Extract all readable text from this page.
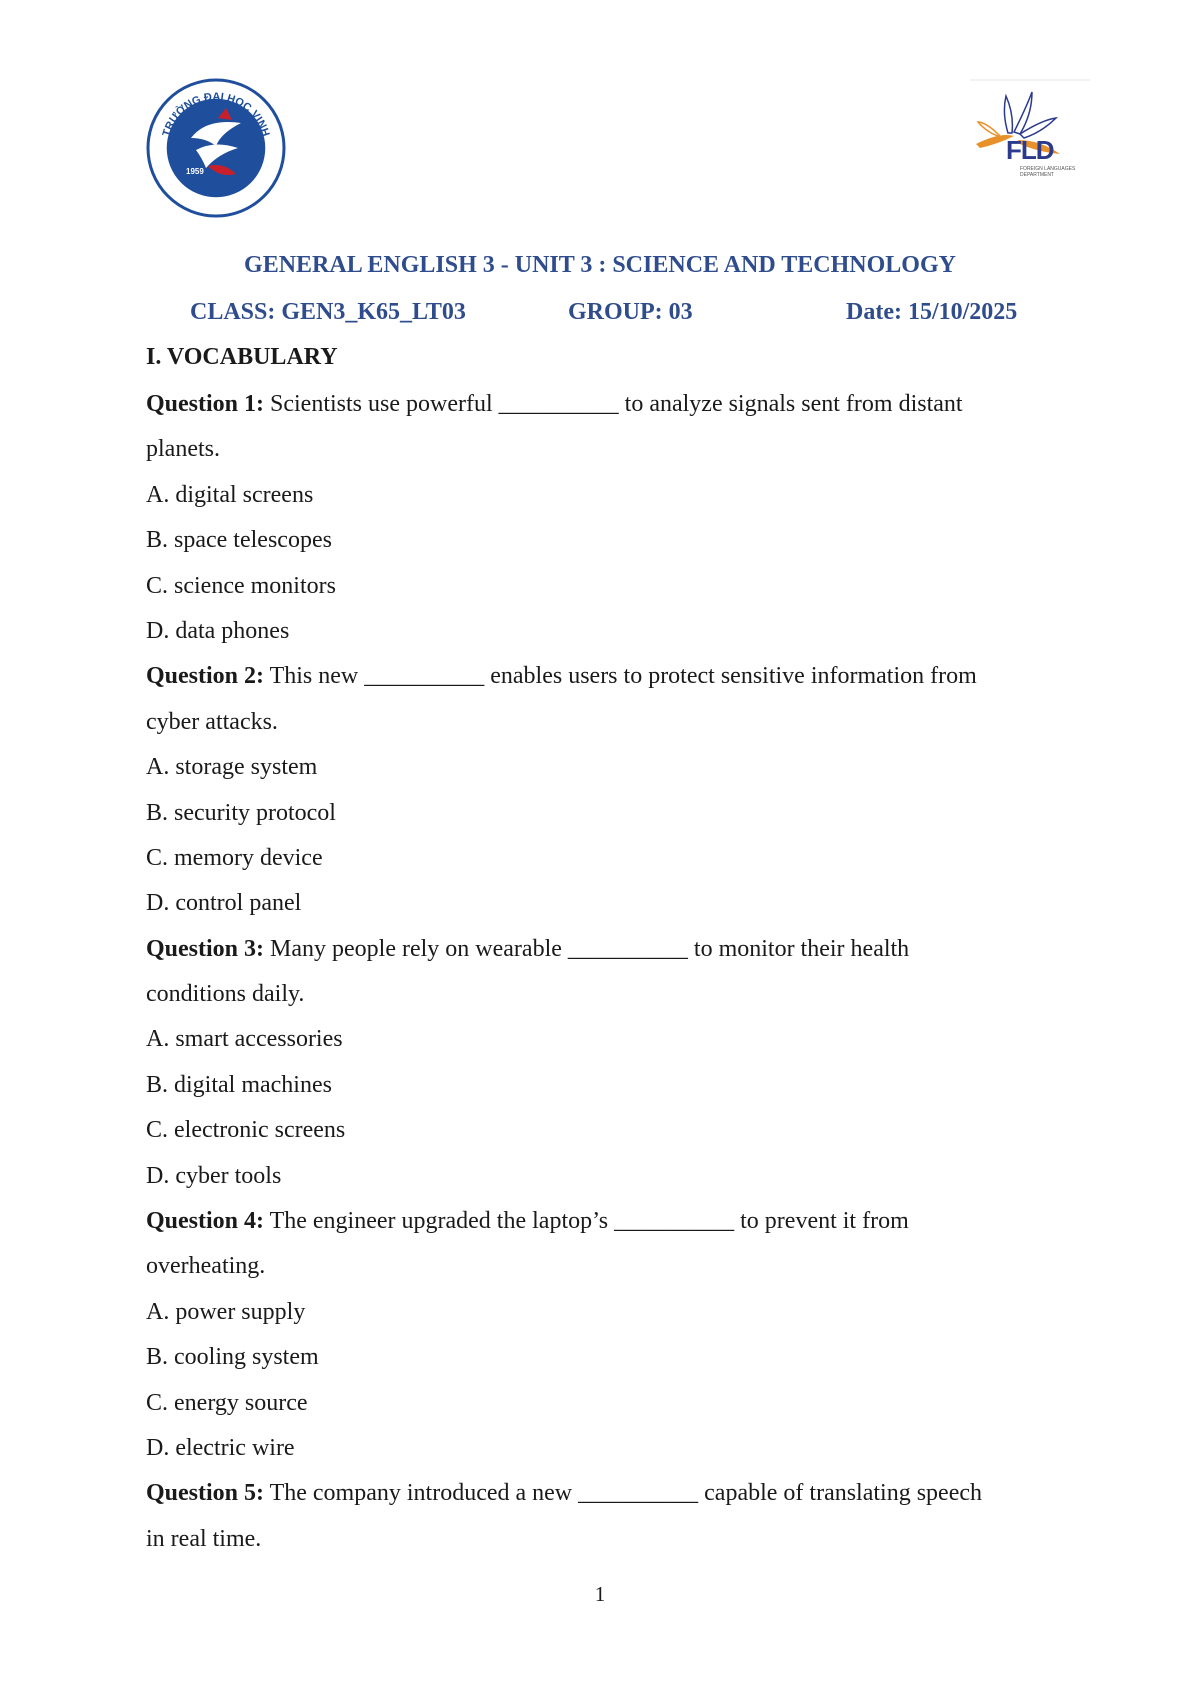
TRƯỜNG ĐẠI HỌC VINH
VINH UNIVERSITY
1959
FLD
FOREIGN LANGUAGES DEPARTMENT
GENERAL ENGLISH 3 - UNIT 3 : SCIENCE AND TECHNOLOGY
CLASS: GEN3_K65_LT03	GROUP: 03	Date: 15/10/2025
I. VOCABULARY
Question 1: Scientists use powerful __________ to analyze signals sent from distant
planets.
A. digital screens
B. space telescopes
C. science monitors
D. data phones
Question 2: This new __________ enables users to protect sensitive information from
cyber attacks.
A. storage system
B. security protocol
C. memory device
D. control panel
Question 3: Many people rely on wearable __________ to monitor their health
conditions daily.
A. smart accessories
B. digital machines
C. electronic screens
D. cyber tools
Question 4: The engineer upgraded the laptop’s __________ to prevent it from
overheating.
A. power supply
B. cooling system
C. energy source
D. electric wire
Question 5: The company introduced a new __________ capable of translating speech
in real time.
1
